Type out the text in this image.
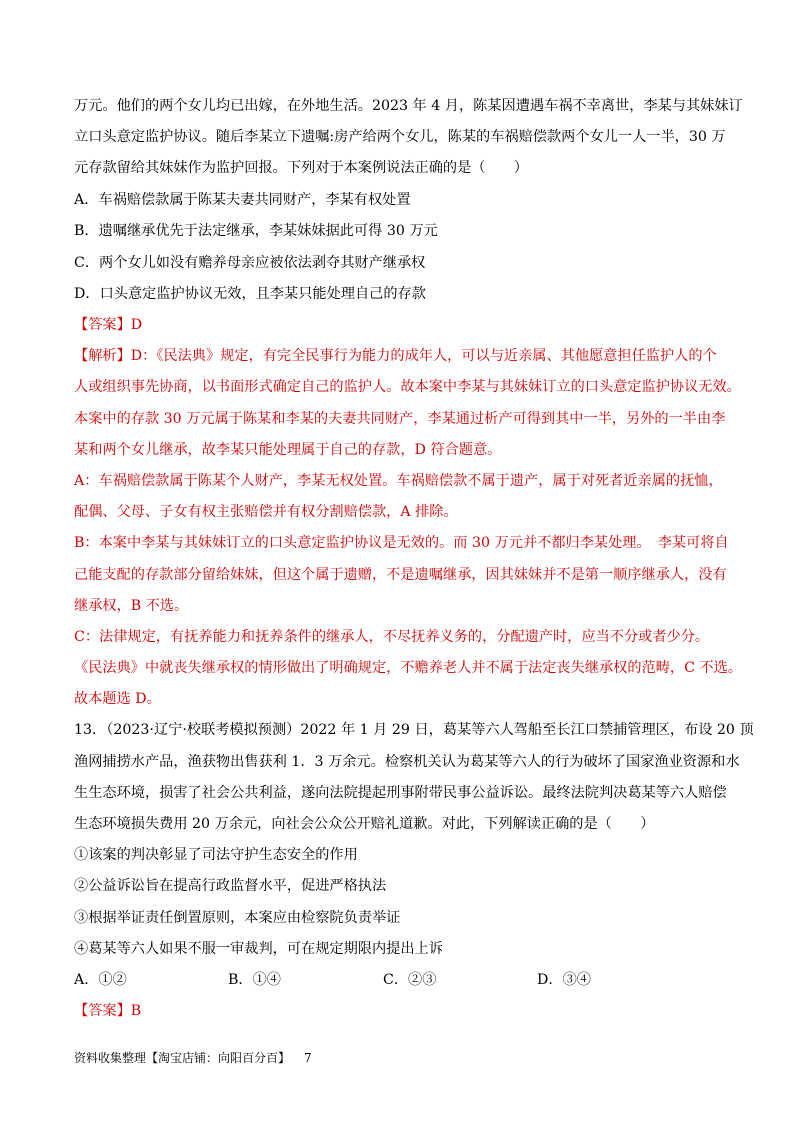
万元。他们的两个女儿均已出嫁，在外地生活。2023 年 4 月，陈某因遭遇车祸不幸离世，李某与其妹妹订
立口头意定监护协议。随后李某立下遗嘱:房产给两个女儿，陈某的车祸赔偿款两个女儿一人一半，30 万
元存款留给其妹妹作为监护回报。下列对于本案例说法正确的是（　　）
A．车祸赔偿款属于陈某夫妻共同财产，李某有权处置
B．遗嘱继承优先于法定继承，李某妹妹据此可得 30 万元
C．两个女儿如没有赡养母亲应被依法剥夺其财产继承权
D．口头意定监护协议无效，且李某只能处理自己的存款
【答案】D
【解析】D：《民法典》规定，有完全民事行为能力的成年人，可以与近亲属、其他愿意担任监护人的个
人或组织事先协商，以书面形式确定自己的监护人。故本案中李某与其妹妹订立的口头意定监护协议无效。
本案中的存款 30 万元属于陈某和李某的夫妻共同财产，李某通过析产可得到其中一半，另外的一半由李
某和两个女儿继承，故李某只能处理属于自己的存款，D 符合题意。
A：车祸赔偿款属于陈某个人财产，李某无权处置。车祸赔偿款不属于遗产，属于对死者近亲属的抚恤，
配偶、父母、子女有权主张赔偿并有权分割赔偿款，A 排除。
B：本案中李某与其妹妹订立的口头意定监护协议是无效的。而 30 万元并不都归李某处理。　李某可将自
己能支配的存款部分留给妹妹，但这个属于遗赠，不是遗嘱继承，因其妹妹并不是第一顺序继承人，没有
继承权，B 不选。
C：法律规定，有抚养能力和抚养条件的继承人，不尽抚养义务的，分配遗产时，应当不分或者少分。
《民法典》中就丧失继承权的情形做出了明确规定，不赡养老人并不属于法定丧失继承权的范畴，C 不选。
故本题选 D。
13．（2023·辽宁·校联考模拟预测）2022 年 1 月 29 日，葛某等六人驾船至长江口禁捕管理区，布设 20 顶
渔网捕捞水产品，渔获物出售获利 1．3 万余元。检察机关认为葛某等六人的行为破坏了国家渔业资源和水
生生态环境，损害了社会公共利益，遂向法院提起刑事附带民事公益诉讼。最终法院判决葛某等六人赔偿
生态环境损失费用 20 万余元，向社会公众公开赔礼道歉。对此，下列解读正确的是（　　）
①该案的判决彰显了司法守护生态安全的作用
②公益诉讼旨在提高行政监督水平，促进严格执法
③根据举证责任倒置原则，本案应由检察院负责举证
④葛某等六人如果不服一审裁判，可在规定期限内提出上诉
A．①②	B．①④	C．②③	D．③④
【答案】B
资料收集整理【淘宝店铺：向阳百分百】 7
